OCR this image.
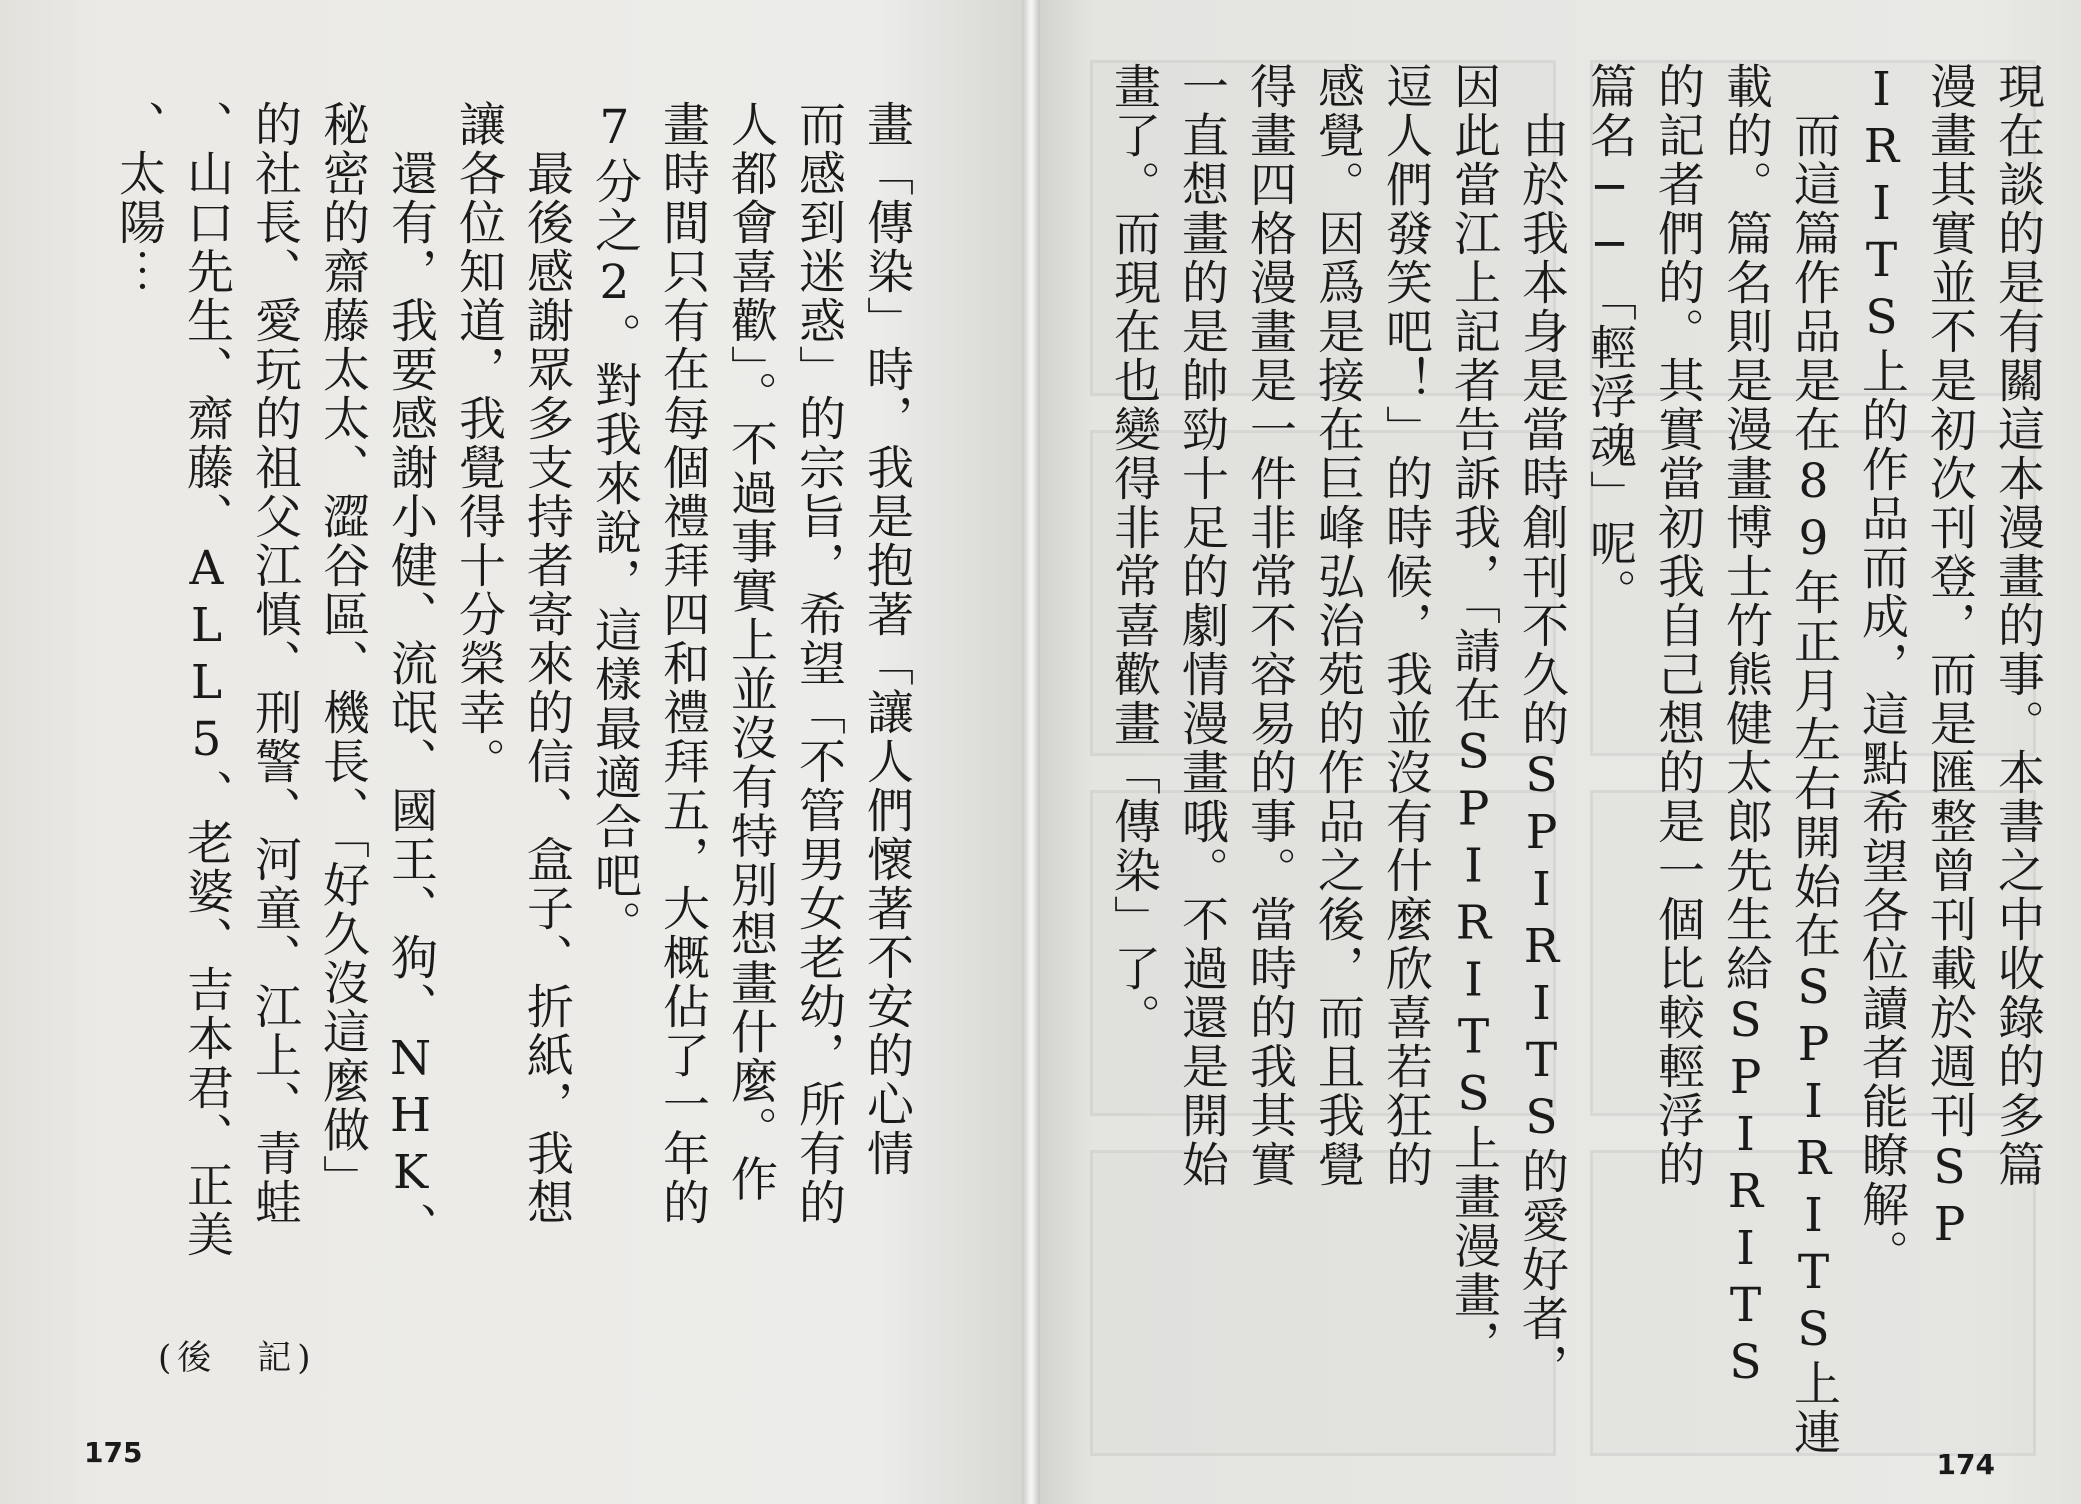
畫「傳染」時，我是抱著「讓人們懷著不安的心情

而感到迷惑」的宗旨，希望「不管男女老幼，所有的

人都會喜歡」。不過事實上並沒有特別想畫什麼。作

畫時間只有在每個禮拜四和禮拜五，大概佔了一年的

7分之2。對我來說，這樣最適合吧。

　最後感謝眾多支持者寄來的信、盒子、折紙，我想

讓各位知道，我覺得十分榮幸。

　還有，我要感謝小健、流氓、國王、狗、NHK、

秘密的齋藤太太、澀谷區、機長、「好久沒這麼做」

的社長、愛玩的祖父江慎、刑警、河童、江上、青蛙

、山口先生、齋藤、ALL5、老婆、吉本君、正美

、太陽⋯

(後　記)
175

現在談的是有關這本漫畫的事。本書之中收錄的多篇

漫畫其實並不是初次刊登，而是匯整曾刊載於週刊SP

IRITS上的作品而成，這點希望各位讀者能瞭解。

　而這篇作品是在89年正月左右開始在SPIRITS上連

載的。篇名則是漫畫博士竹熊健太郎先生給SPIRITS

的記者們的。其實當初我自己想的是一個比較輕浮的

篇名──「輕浮魂」呢。

　由於我本身是當時創刊不久的SPIRITS的愛好者，

因此當江上記者告訴我，「請在SPIRITS上畫漫畫，

逗人們發笑吧！」的時候，我並沒有什麼欣喜若狂的

感覺。因爲是接在巨峰弘治苑的作品之後，而且我覺

得畫四格漫畫是一件非常不容易的事。當時的我其實

一直想畫的是帥勁十足的劇情漫畫哦。不過還是開始

畫了。而現在也變得非常喜歡畫「傳染」了。

174
